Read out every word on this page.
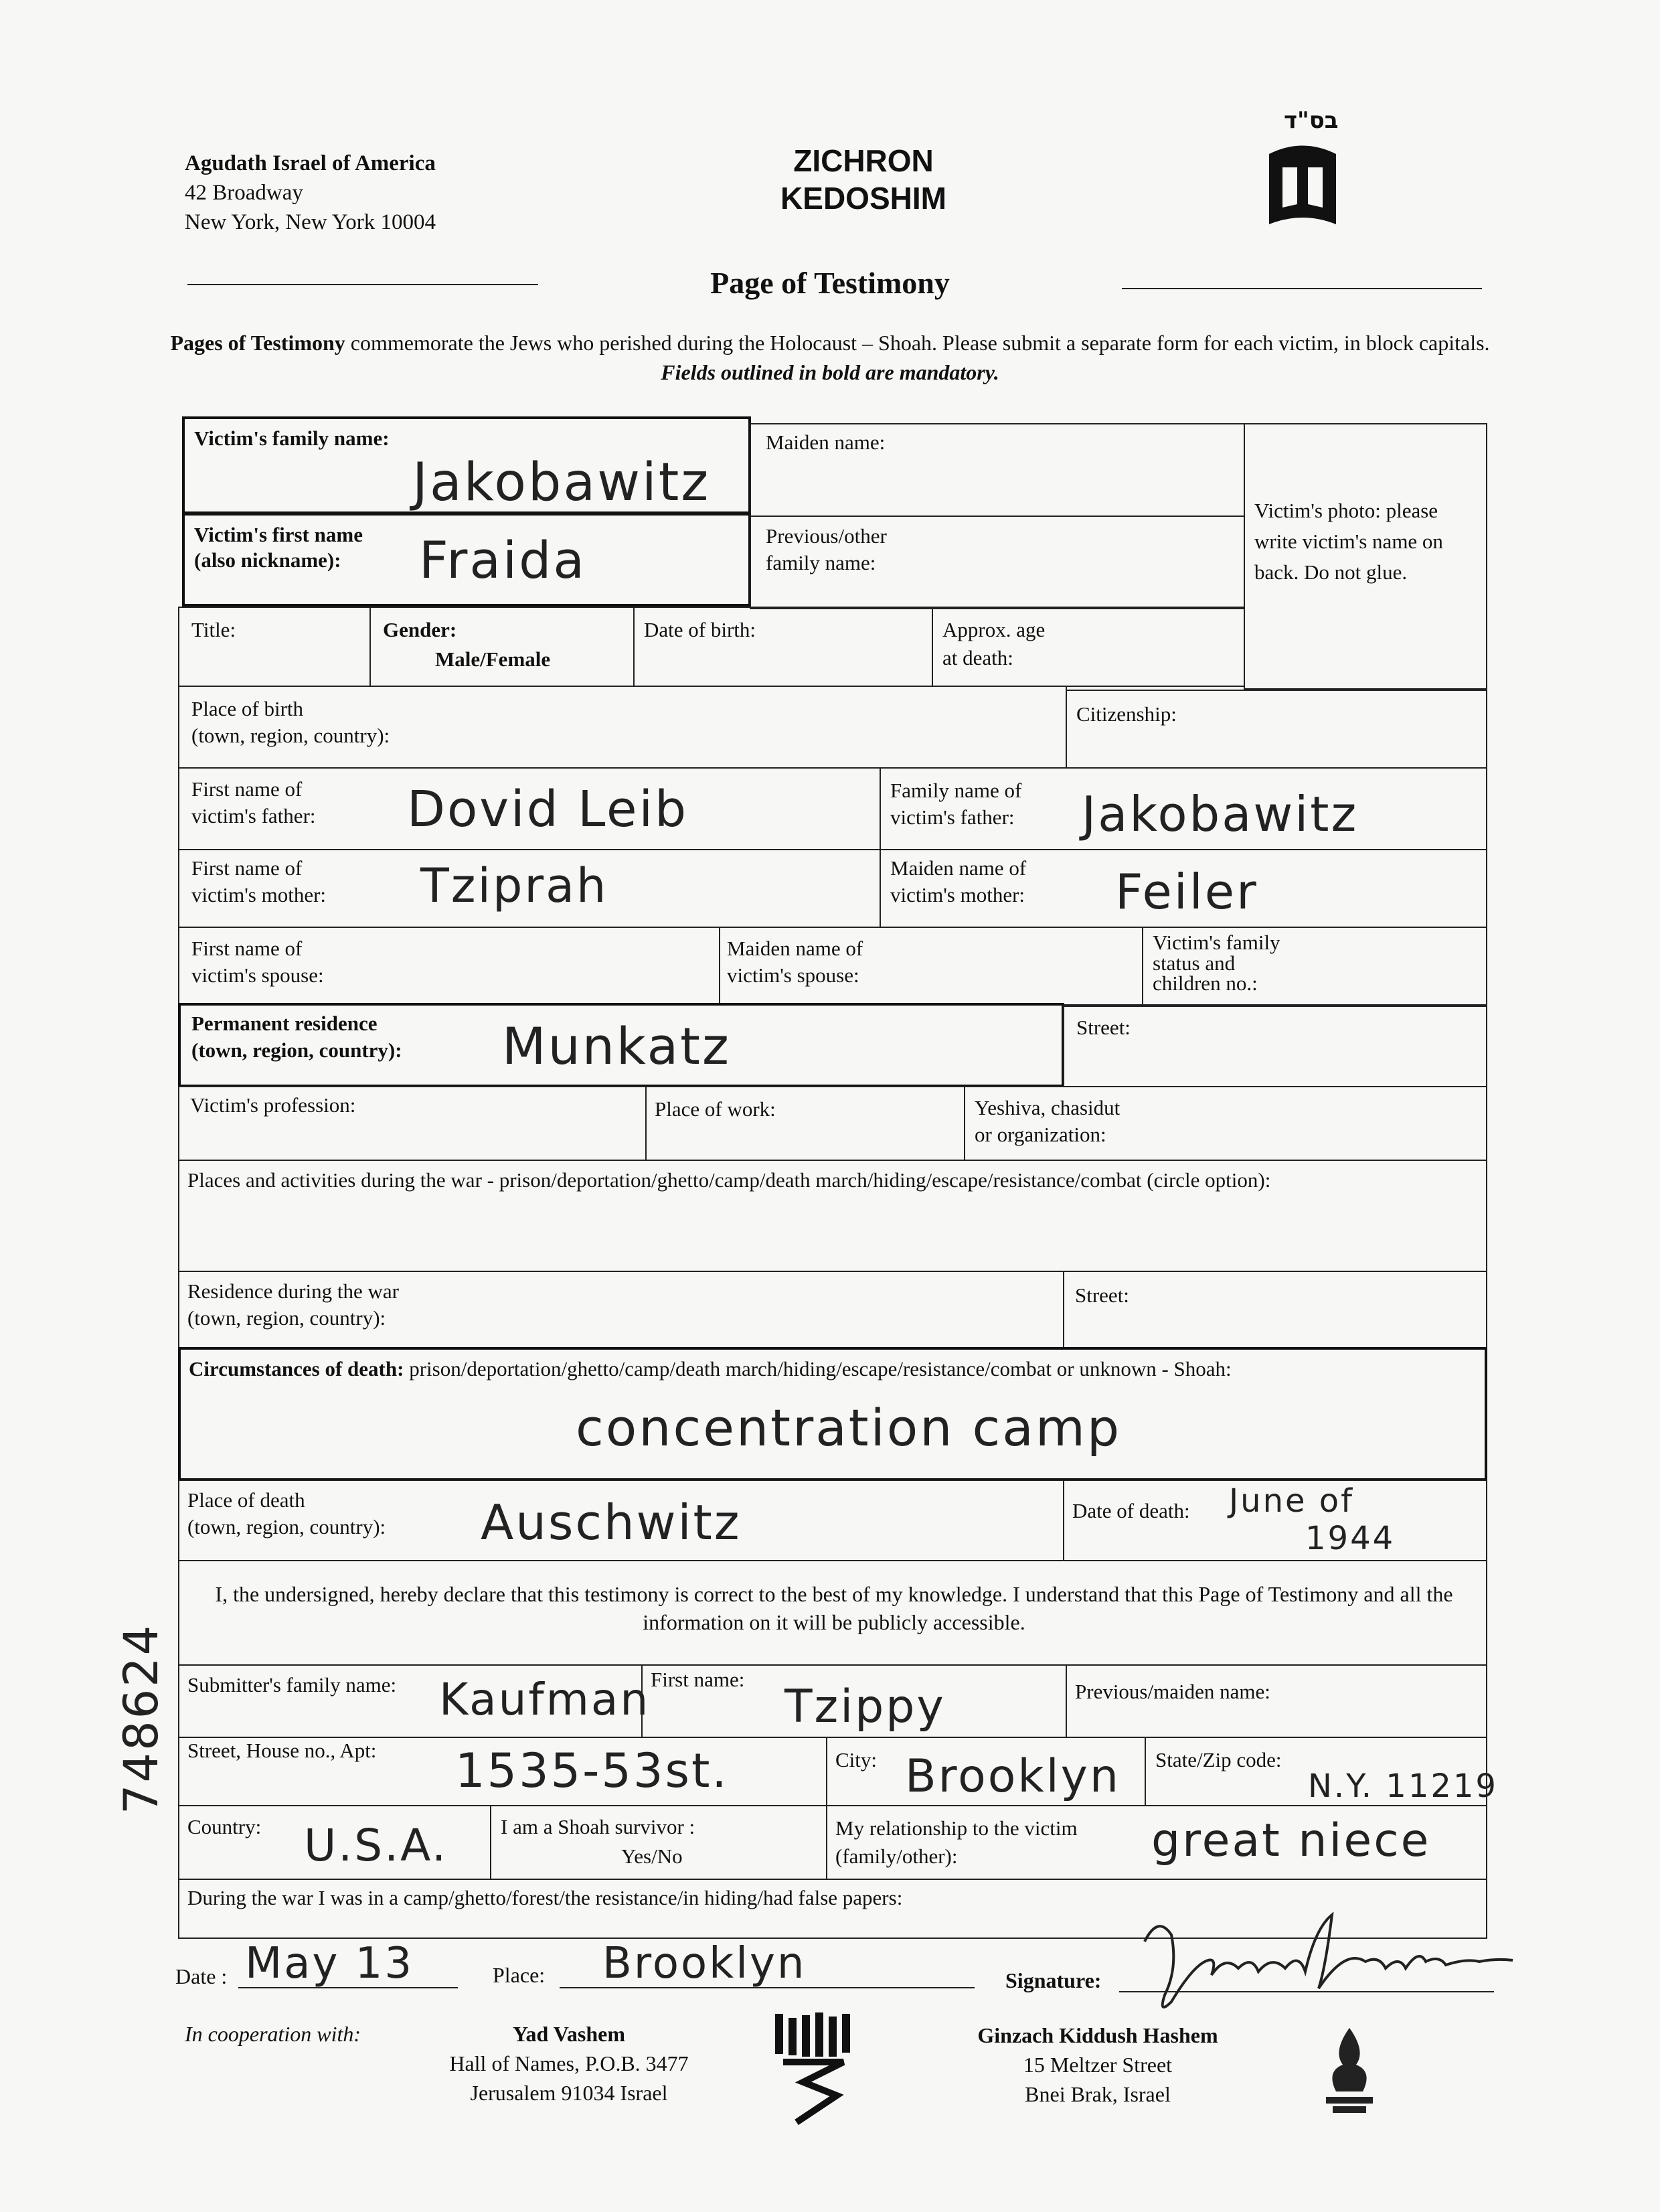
Agudath Israel of America
42 Broadway
New York, New York 10004
ZICHRON
KEDOSHIM
בס"ד
Page of Testimony
Pages of Testimony commemorate the Jews who perished during the Holocaust – Shoah. Please submit a separate form for each victim, in block capitals. Fields outlined in bold are mandatory.
Victim's family name:
Jakobawitz
Maiden name:
Victim's photo: please write victim's name on back. Do not glue.
Victim's first name
(also nickname): Fraida	Previous/other
family name:
Title:	Gender:
Male/Female
Date of birth:	Approx. age
at death:
Place of birth
(town, region, country):
Citizenship:
First name of
victim's father: Dovid Leib	Family name of
victim's father: Jakobawitz
First name of
victim's mother: Tziprah	Maiden name of
victim's mother: Feiler
First name of
victim's spouse:
Maiden name of
victim's spouse:
Victim's family
status and
children no.:
Permanent residence
(town, region, country): Munkatz	Street:
Victim's profession:	Place of work:	Yeshiva, chasidut
or organization:
Places and activities during the war - prison/deportation/ghetto/camp/death march/hiding/escape/resistance/combat (circle option):
Residence during the war
(town, region, country):
Street:
Circumstances of death: prison/deportation/ghetto/camp/death march/hiding/escape/resistance/combat or unknown - Shoah:
concentration camp
Place of death
(town, region, country): Auschwitz	Date of death: June of
1944
I, the undersigned, hereby declare that this testimony is correct to the best of my knowledge. I understand that this Page of Testimony and all the information on it will be publicly accessible.
Submitter's family name: Kaufman First name:
Tzippy	Previous/maiden name:
Street, House no., Apt: 1535-53st.	City: Brooklyn State/Zip code:
N.Y. 11219
Country: U.S.A.	I am a Shoah survivor :
Yes/No
My relationship to the victim
(family/other):	great niece
During the war I was in a camp/ghetto/forest/the resistance/in hiding/had false papers:
748624
Date : May 13	Place: Brooklyn	Signature:
In cooperation with:	Yad Vashem
Hall of Names, P.O.B. 3477
Jerusalem 91034 Israel
Ginzach Kiddush Hashem
15 Meltzer Street
Bnei Brak, Israel
